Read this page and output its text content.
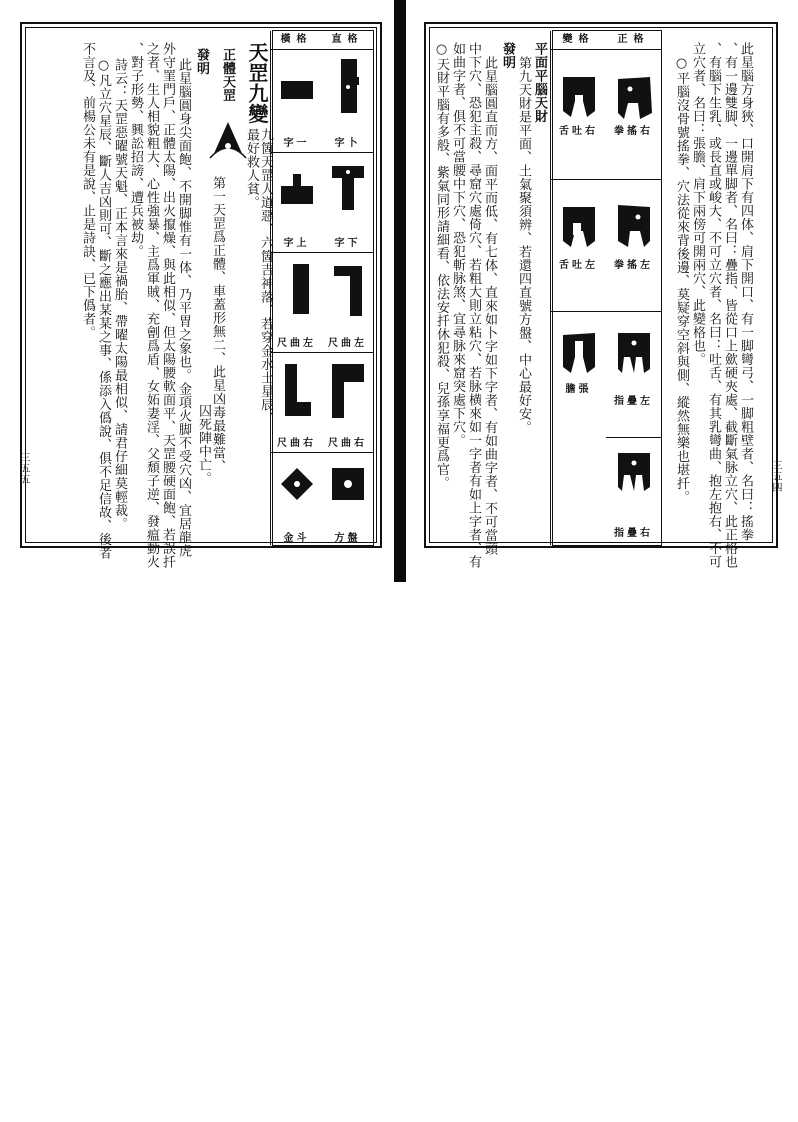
直格
字卜
字下
尺曲左
尺曲右
方盤
橫格
字一
字上
尺曲左
尺曲右
金斗
天罡九變
九箇天罡人道惡、六箇吉神落、若穿金水土星辰、
最好救人貧。
正體天罡
第一天罡爲正體、車蓋形無二、此星凶毒最難當、
囚死陣中亡。
發明
此星腦圓身尖面飽、不開脚惟有一体、乃平胃之象也。金項火脚不受穴凶、宜居龍虎
外守罣門戶、正體太陽、出火攛燥、與此相似、但太陽腰軟面平、天罡腰硬面飽、若誤扦
之者、生人相貌粗大、心性強暴、主爲軍賊、充劊爲盾、女妬妻淫、父頹子逆、發瘟動火
、對子形勢、興訟招謗、遭兵被劫。
詩云：天罡惡曜號天魁、正本言來是禍胎、帶曜太陽最相似、請君仔細莫輕裁。
○凡立穴星辰、斷人吉凶則可、斷之應出某某之事、係添入僞說、俱不足信故、後者
不言及、前楊公未有是說、止是詩訣、已下僞者。
三五五	此星腦方身狹、口開肩下有四体、肩下開口、有一脚彎弓、一脚粗壁者、名曰：搖拳
、有一邊雙脚、一邊單脚者、名曰：疊指、皆從口上歛硬夾處、截斷氣脉立穴、此正格也
、有腦下生乳、或長直或峻大、不可立穴者、名曰：吐舌、有其乳彎曲、抱左抱右、不可
立穴者、名曰：張膽、肩下兩傍可開兩穴、此變格也。
○平腦沒骨號搖拳、穴法從來背後邊、莫疑穿空斜與側、縱然無樂也堪扦。
正格
拳搖右
拳搖左
指疊左
指疊右
變格
舌吐右
舌吐左
膽張
平面平腦天財
第九天財是平面、土氣聚須辨、若還四直號方盤、中心最好安。
發明
此星腦圓直而方、面平而低、有七体、直來如卜字如下字者、有如曲字者、不可當頭
中下穴、恐犯主殺、尋窟穴處倚穴、若粗大則立粘穴、若脉横來如一字者有如上字者、有
如曲字者、俱不可當腰中下穴、恐犯斬脉煞、宜尋脉來窟突處下穴。
○天財平腦有多般、紫氣同形請細看、依法安扦休犯殺、兒孫享福更爲官。	三五四
